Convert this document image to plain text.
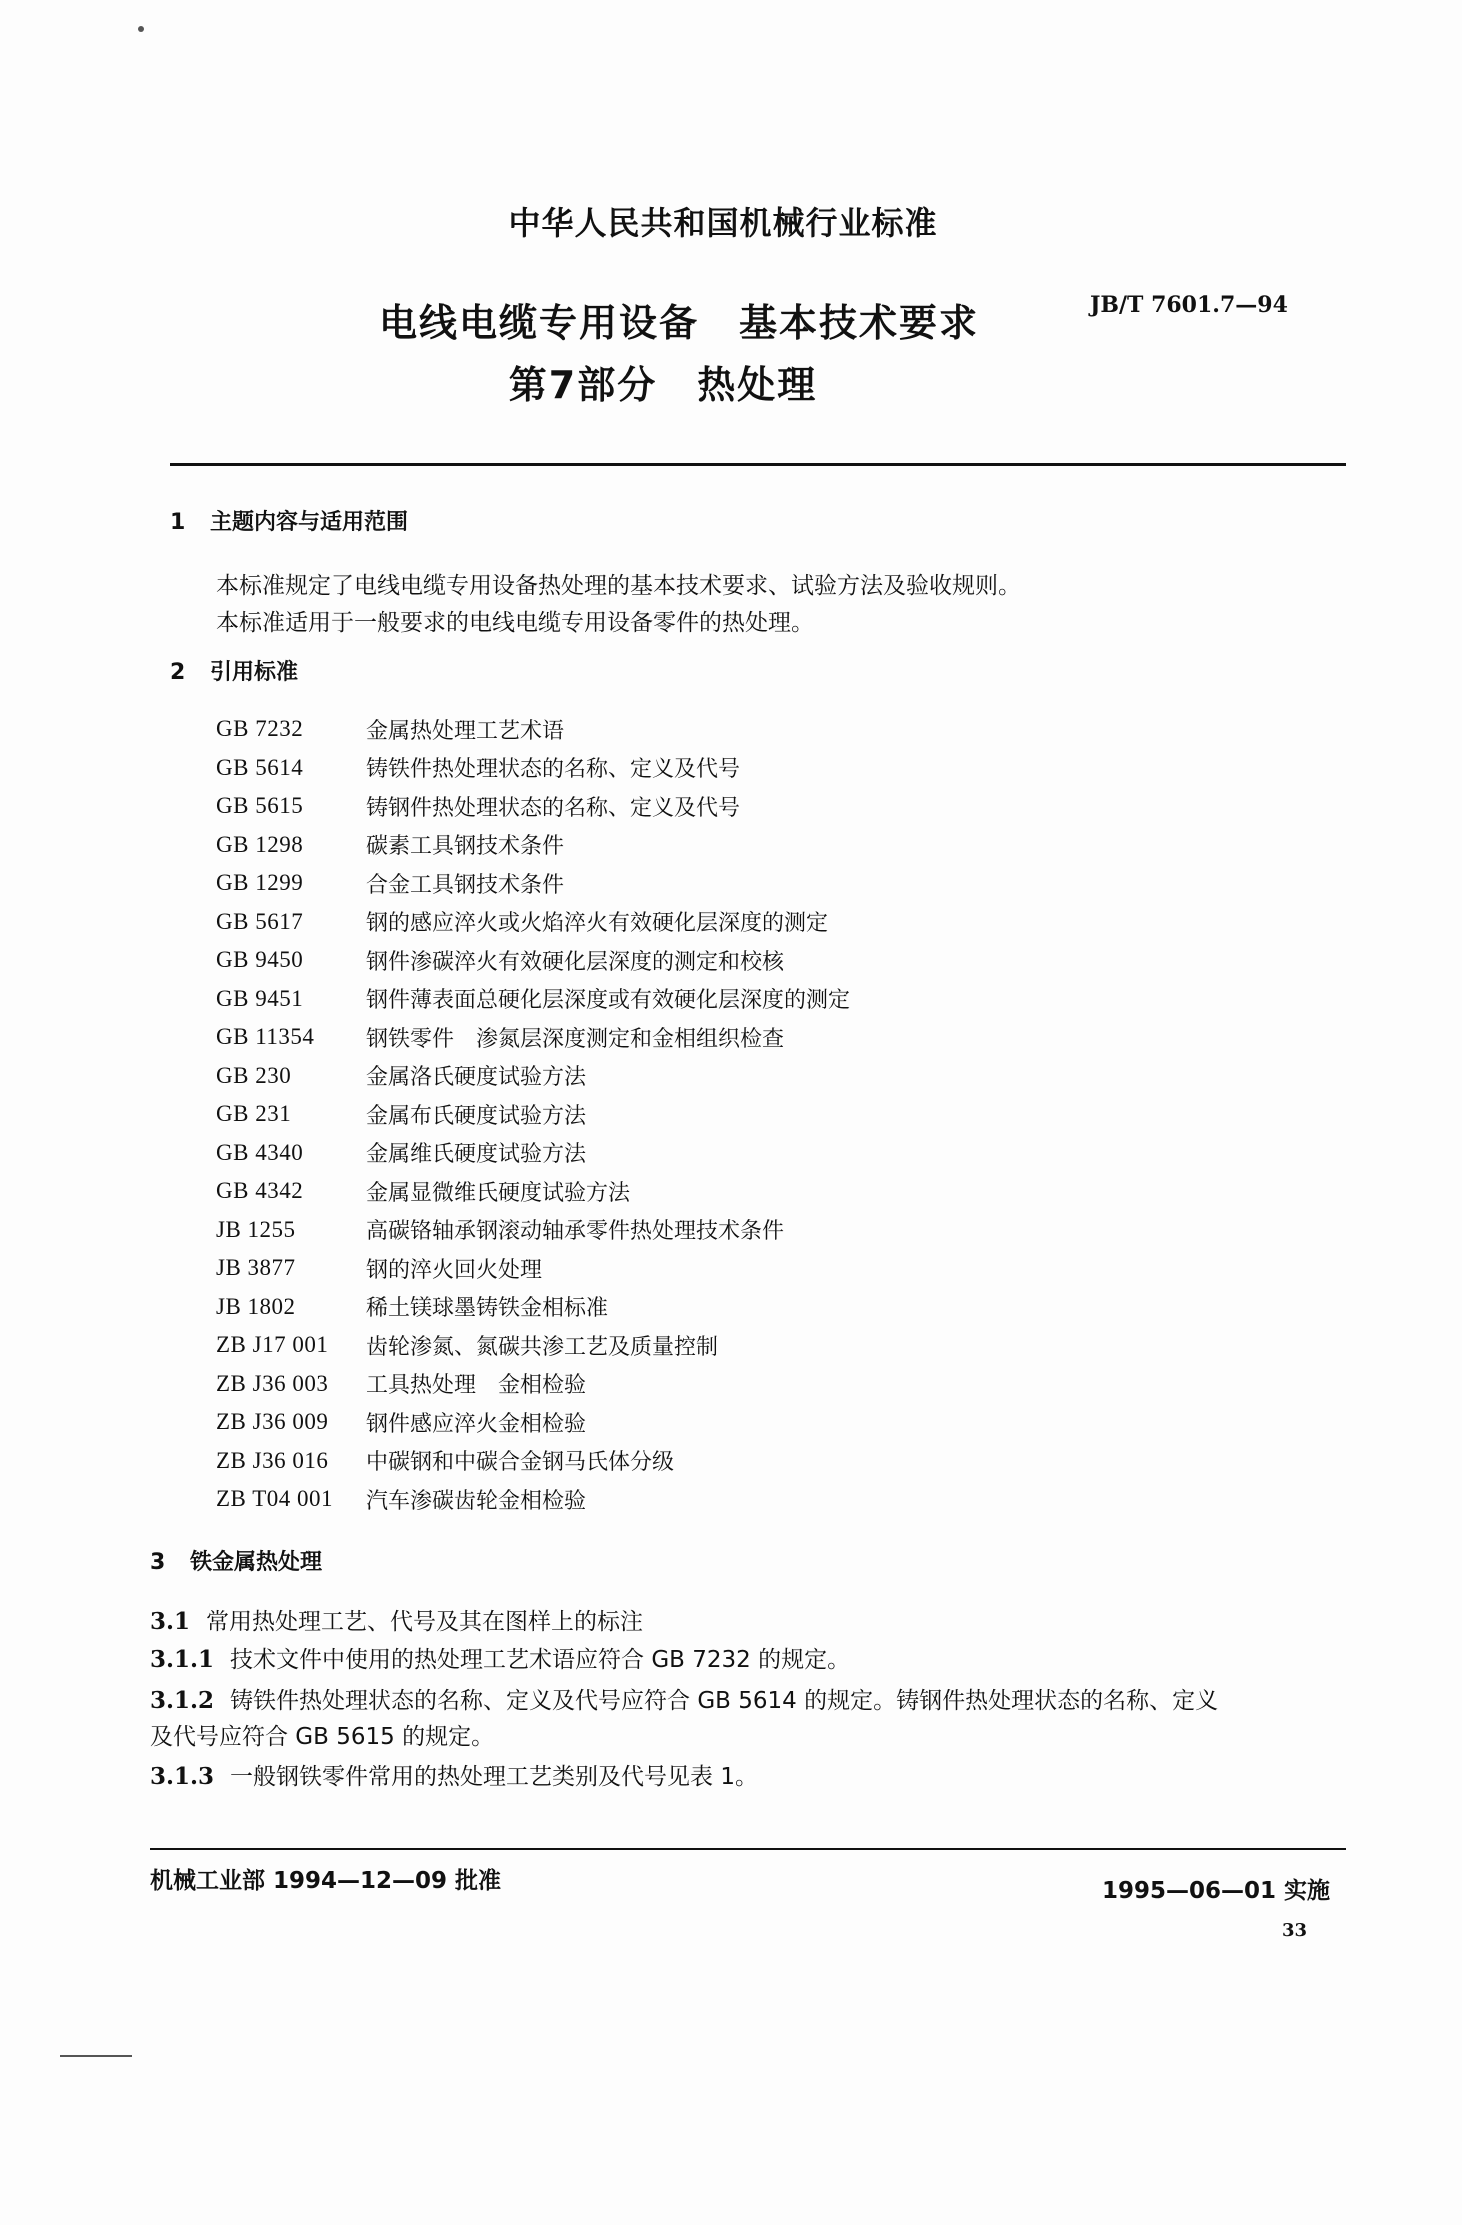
中华人民共和国机械行业标准
电线电缆专用设备　基本技术要求
第7部分　热处理
JB/T 7601.7—94
1 主题内容与适用范围
本标准规定了电线电缆专用设备热处理的基本技术要求、试验方法及验收规则。
本标准适用于一般要求的电线电缆专用设备零件的热处理。
2 引用标准
GB 7232	金属热处理工艺术语
GB 5614	铸铁件热处理状态的名称、定义及代号
GB 5615	铸钢件热处理状态的名称、定义及代号
GB 1298	碳素工具钢技术条件
GB 1299	合金工具钢技术条件
GB 5617	钢的感应淬火或火焰淬火有效硬化层深度的测定
GB 9450	钢件渗碳淬火有效硬化层深度的测定和校核
GB 9451	钢件薄表面总硬化层深度或有效硬化层深度的测定
GB 11354	钢铁零件　渗氮层深度测定和金相组织检查
GB 230	金属洛氏硬度试验方法
GB 231	金属布氏硬度试验方法
GB 4340	金属维氏硬度试验方法
GB 4342	金属显微维氏硬度试验方法
JB 1255	高碳铬轴承钢滚动轴承零件热处理技术条件
JB 3877	钢的淬火回火处理
JB 1802	稀土镁球墨铸铁金相标准
ZB J17 001	齿轮渗氮、氮碳共渗工艺及质量控制
ZB J36 003	工具热处理　金相检验
ZB J36 009	钢件感应淬火金相检验
ZB J36 016	中碳钢和中碳合金钢马氏体分级
ZB T04 001	汽车渗碳齿轮金相检验
3 铁金属热处理
3.1 常用热处理工艺、代号及其在图样上的标注
3.1.1 技术文件中使用的热处理工艺术语应符合 GB 7232 的规定。
3.1.2 铸铁件热处理状态的名称、定义及代号应符合 GB 5614 的规定。铸钢件热处理状态的名称、定义
及代号应符合 GB 5615 的规定。
3.1.3 一般钢铁零件常用的热处理工艺类别及代号见表 1。
机械工业部 1994—12—09 批准	1995—06—01 实施
33
